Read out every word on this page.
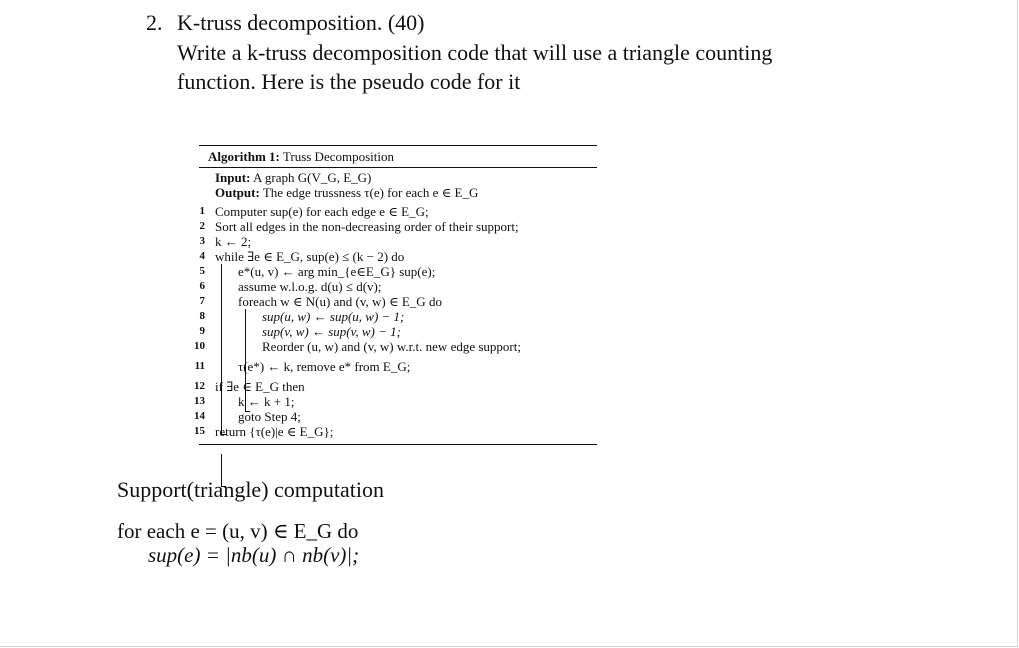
2. K-truss decomposition. (40)
Write a k-truss decomposition code that will use a triangle counting
function. Here is the pseudo code for it
Algorithm 1: Truss Decomposition
Input: A graph G(V_G, E_G)
Output: The edge trussness τ(e) for each e ∈ E_G
1 Computer sup(e) for each edge e ∈ E_G;
2 Sort all edges in the non-decreasing order of their support;
3 k ← 2;
4 while ∃e ∈ E_G, sup(e) ≤ (k − 2) do
5	e*(u, v) ← arg min_{e∈E_G} sup(e);
6	assume w.l.o.g. d(u) ≤ d(v);
7	foreach w ∈ N(u) and (v, w) ∈ E_G do
8	sup(u, w) ← sup(u, w) − 1;
9	sup(v, w) ← sup(v, w) − 1;
10	Reorder (u, w) and (v, w) w.r.t. new edge support;
11	τ(e*) ← k, remove e* from E_G;
12 if ∃e ∈ E_G then
13	k ← k + 1;
14	goto Step 4;
15 return {τ(e)|e ∈ E_G};
Support(triangle) computation
for each e = (u, v) ∈ E_G do
sup(e) = |nb(u) ∩ nb(v)|;
